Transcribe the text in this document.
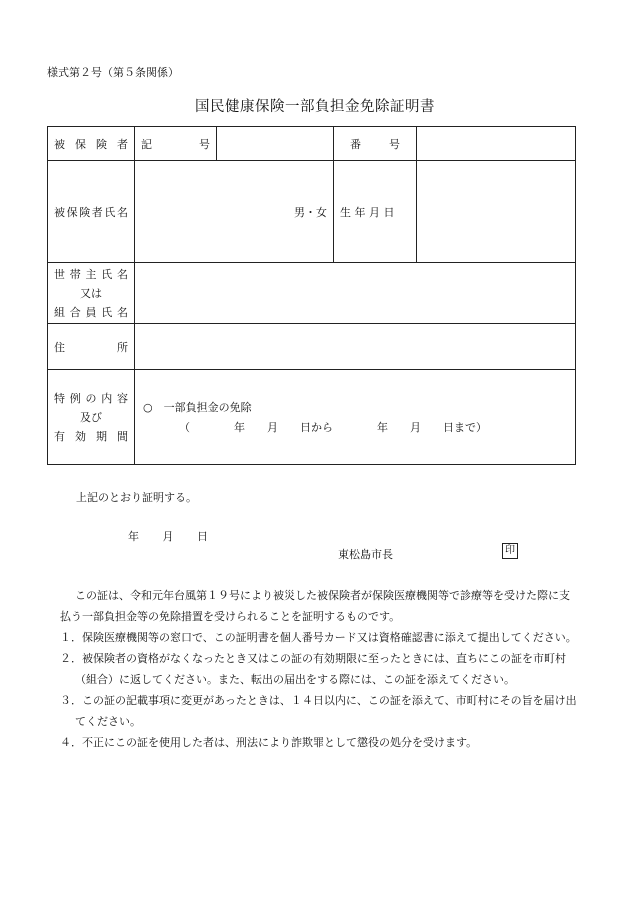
様式第２号（第５条関係）
国民健康保険一部負担金免除証明書
被 保 険 者	記 号		番 号	

被保険者氏名	男・女		生 年 月 日	

世 帯 主 氏 名
又は
組 合 員 氏 名				

住 所				

特 例 の 内 容
及び
有 効 期 間	○　一部負担金の免除
（　　　　年　　月　　日から　　　　年　　月　　日まで）			
上記のとおり証明する。
年 月 日
東松島市長	印

この証は、令和元年台風第１９号により被災した被保険者が保険医療機関等で診療等を受けた際に支払う一部負担金等の免除措置を受けられることを証明するものです。

１．保険医療機関等の窓口で、この証明書を個人番号カード又は資格確認書に添えて提出してください。

２．被保険者の資格がなくなったとき又はこの証の有効期限に至ったときには、直ちにこの証を市町村（組合）に返してください。また、転出の届出をする際には、この証を添えてください。

３．この証の記載事項に変更があったときは、１４日以内に、この証を添えて、市町村にその旨を届け出てください。

４．不正にこの証を使用した者は、刑法により詐欺罪として懲役の処分を受けます。
